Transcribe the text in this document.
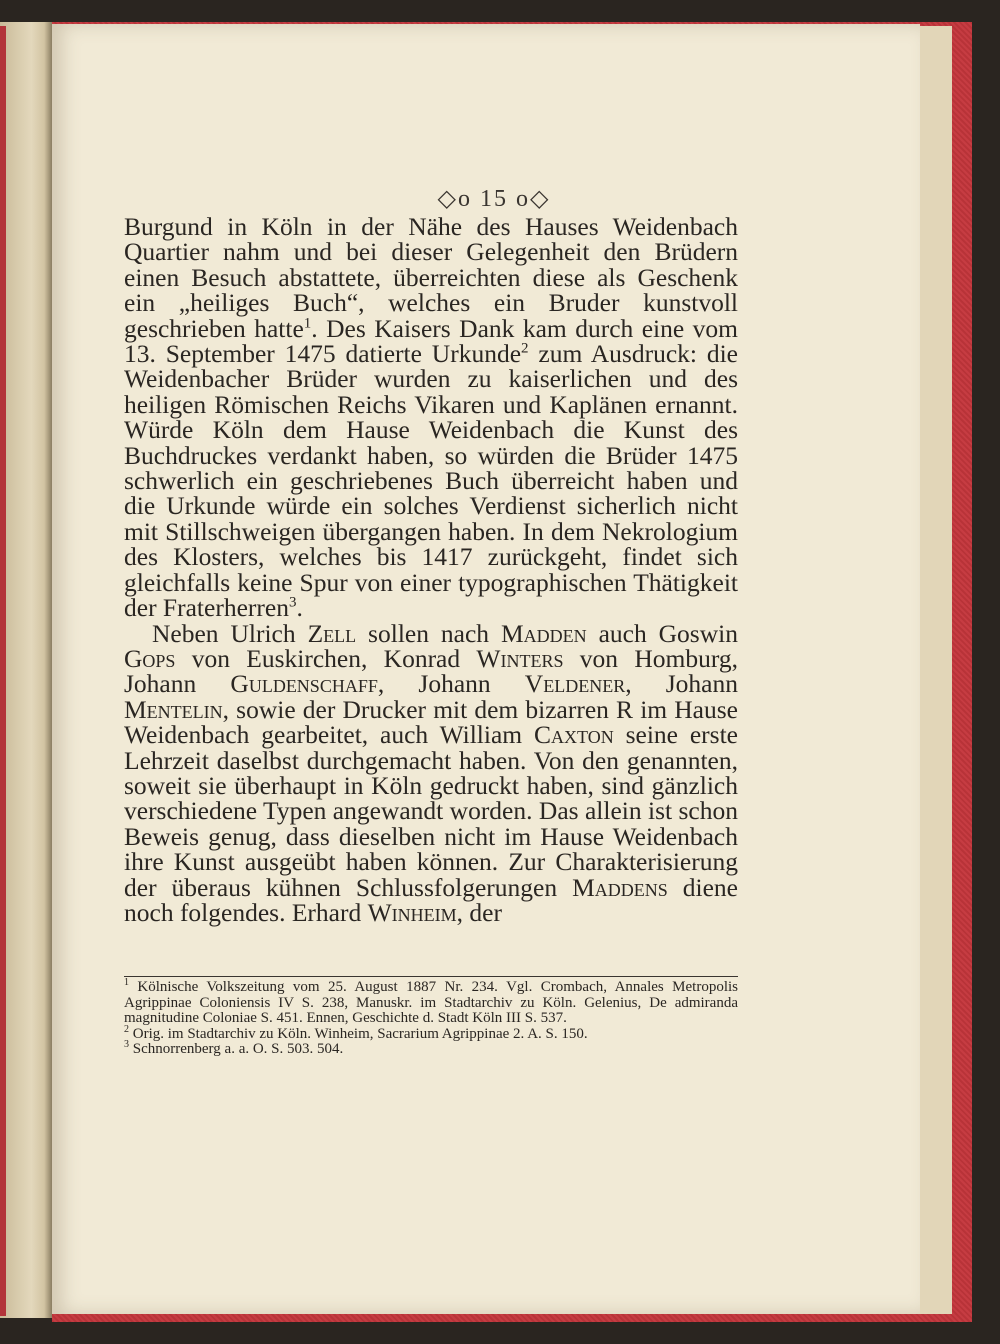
◇o 15 o◇

Burgund in Köln in der Nähe des Hauses Weidenbach Quartier nahm und bei dieser Gelegenheit den Brüdern einen Besuch abstattete, überreichten diese als Geschenk ein „heiliges Buch“, welches ein Bruder kunstvoll geschrieben hatte$^1$. Des Kaisers Dank kam durch eine vom 13. September 1475 datierte Urkunde$^2$ zum Ausdruck: die Weidenbacher Brüder wurden zu kaiserlichen und des heiligen Römischen Reichs Vikaren und Kaplänen ernannt. Würde Köln dem Hause Weidenbach die Kunst des Buchdruckes verdankt haben, so würden die Brüder 1475 schwerlich ein geschriebenes Buch überreicht haben und die Urkunde würde ein solches Verdienst sicherlich nicht mit Stillschweigen übergangen haben. In dem Nekrologium des Klosters, welches bis 1417 zurückgeht, findet sich gleichfalls keine Spur von einer typographischen Thätigkeit der Fraterherren$^3$.

Neben Ulrich Zell sollen nach Madden auch Goswin Gops von Euskirchen, Konrad Winters von Homburg, Johann Guldenschaff, Johann Veldener, Johann Mentelin, sowie der Drucker mit dem bizarren R im Hause Weidenbach gearbeitet, auch William Caxton seine erste Lehrzeit daselbst durchgemacht haben. Von den genannten, soweit sie überhaupt in Köln gedruckt haben, sind gänzlich verschiedene Typen angewandt worden. Das allein ist schon Beweis genug, dass dieselben nicht im Hause Weidenbach ihre Kunst ausgeübt haben können. Zur Charakterisierung der überaus kühnen Schlussfolgerungen Maddens diene noch folgendes. Erhard Winheim, der

$^1$ Kölnische Volkszeitung vom 25. August 1887 Nr. 234. Vgl. Crombach, Annales Metropolis Agrippinae Coloniensis IV S. 238, Manuskr. im Stadtarchiv zu Köln. Gelenius, De admiranda magnitudine Coloniae S. 451. Ennen, Geschichte d. Stadt Köln III S. 537.

$^2$ Orig. im Stadtarchiv zu Köln. Winheim, Sacrarium Agrippinae 2. A. S. 150.

$^3$ Schnorrenberg a. a. O. S. 503. 504.
